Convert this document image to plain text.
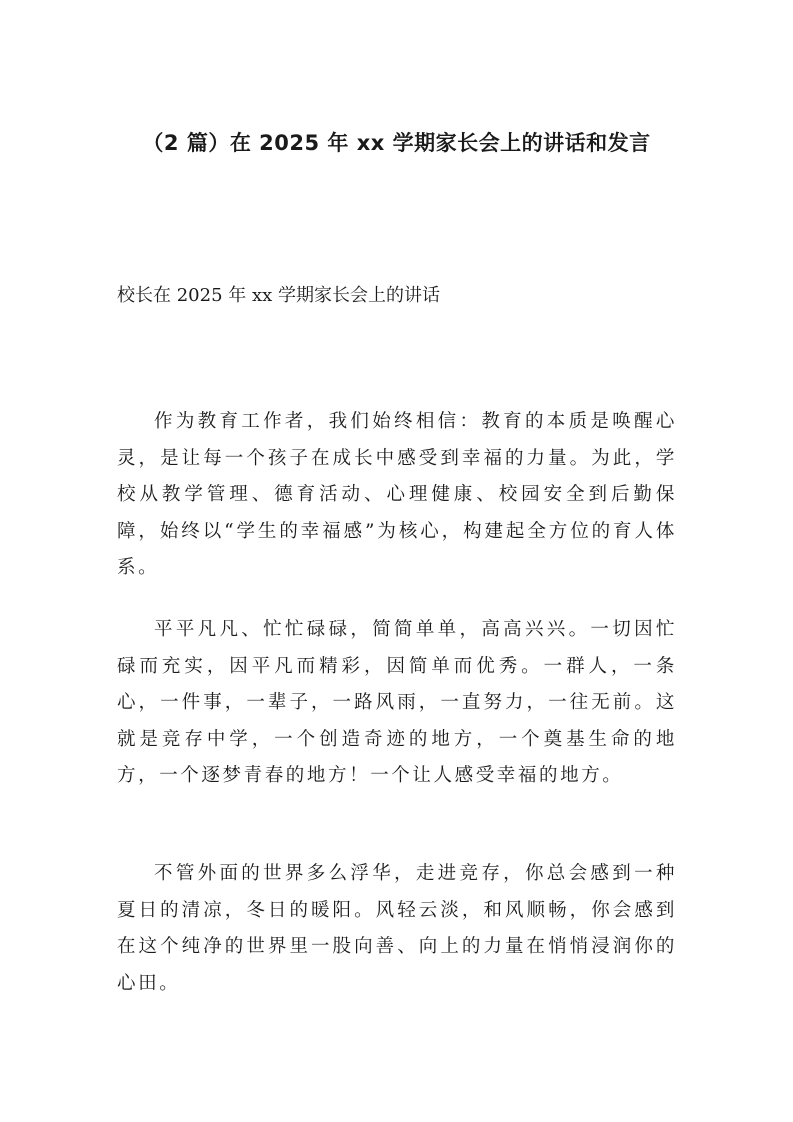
（2 篇）在 2025 年 xx 学期家长会上的讲话和发言
校长在 2025 年 xx 学期家长会上的讲话

作为教育工作者，我们始终相信：教育的本质是唤醒心灵，是让每一个孩子在成长中感受到幸福的力量。为此，学校从教学管理、德育活动、心理健康、校园安全到后勤保障，始终以“学生的幸福感”为核心，构建起全方位的育人体系。

平平凡凡、忙忙碌碌，简简单单，高高兴兴。一切因忙碌而充实，因平凡而精彩，因简单而优秀。一群人，一条心，一件事，一辈子，一路风雨，一直努力，一往无前。这就是竞存中学，一个创造奇迹的地方，一个奠基生命的地方，一个逐梦青春的地方！一个让人感受幸福的地方。

不管外面的世界多么浮华，走进竞存，你总会感到一种夏日的清凉，冬日的暖阳。风轻云淡，和风顺畅，你会感到在这个纯净的世界里一股向善、向上的力量在悄悄浸润你的心田。
